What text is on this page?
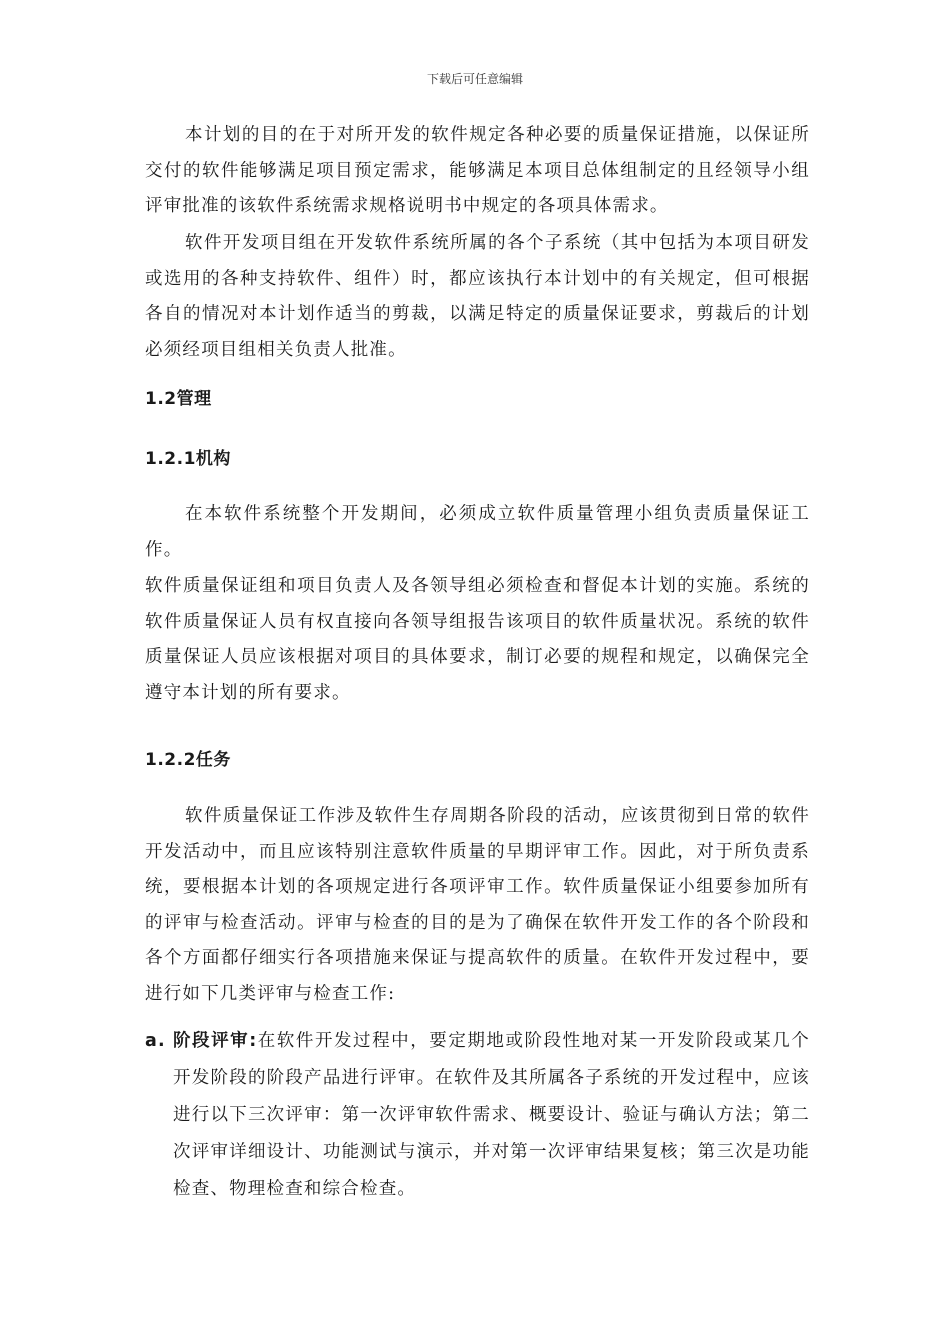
下载后可任意编辑
本计划的目的在于对所开发的软件规定各种必要的质量保证措施，以保证所交付的软件能够满足项目预定需求，能够满足本项目总体组制定的且经领导小组评审批准的该软件系统需求规格说明书中规定的各项具体需求。
软件开发项目组在开发软件系统所属的各个子系统（其中包括为本项目研发或选用的各种支持软件、组件）时，都应该执行本计划中的有关规定，但可根据各自的情况对本计划作适当的剪裁，以满足特定的质量保证要求，剪裁后的计划必须经项目组相关负责人批准。
1.2管理
1.2.1机构
在本软件系统整个开发期间，必须成立软件质量管理小组负责质量保证工作。
软件质量保证组和项目负责人及各领导组必须检查和督促本计划的实施。系统的软件质量保证人员有权直接向各领导组报告该项目的软件质量状况。系统的软件质量保证人员应该根据对项目的具体要求，制订必要的规程和规定，以确保完全遵守本计划的所有要求。
1.2.2任务
软件质量保证工作涉及软件生存周期各阶段的活动，应该贯彻到日常的软件开发活动中，而且应该特别注意软件质量的早期评审工作。因此，对于所负责系统，要根据本计划的各项规定进行各项评审工作。软件质量保证小组要参加所有的评审与检查活动。评审与检查的目的是为了确保在软件开发工作的各个阶段和各个方面都仔细实行各项措施来保证与提高软件的质量。在软件开发过程中，要进行如下几类评审与检查工作:
a. 阶段评审:在软件开发过程中，要定期地或阶段性地对某一开发阶段或某几个开发阶段的阶段产品进行评审。在软件及其所属各子系统的开发过程中，应该进行以下三次评审：第一次评审软件需求、概要设计、验证与确认方法；第二次评审详细设计、功能测试与演示，并对第一次评审结果复核；第三次是功能检查、物理检查和综合检查。
